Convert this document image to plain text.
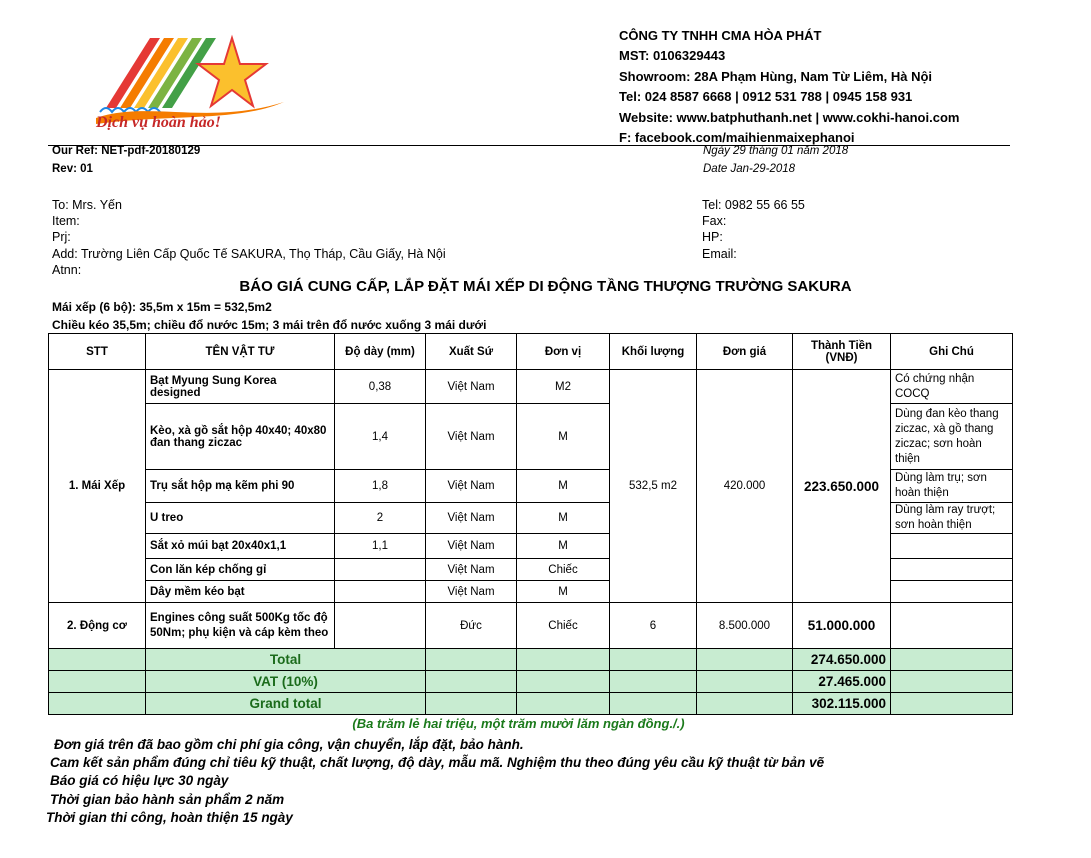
Dịch vụ hoàn hảo!
CÔNG TY TNHH CMA HÒA PHÁT
MST: 0106329443
Showroom: 28A Phạm Hùng, Nam Từ Liêm, Hà Nội
Tel: 024 8587 6668 | 0912 531 788 | 0945 158 931
Website: www.batphuthanh.net | www.cokhi-hanoi.com
F: facebook.com/maihienmaixephanoi
Our Ref: NET-pdf-20180129
Rev: 01
Ngày 29 tháng 01 năm 2018
Date Jan-29-2018
To: Mrs. Yến
Item:
Prj:
Add: Trường Liên Cấp Quốc Tế SAKURA, Thọ Tháp, Cầu Giấy, Hà Nội
Atnn:
Tel: 0982 55 66 55
Fax:
HP:
Email:
BÁO GIÁ CUNG CẤP, LẮP ĐẶT MÁI XẾP DI ĐỘNG TẦNG THƯỢNG TRƯỜNG SAKURA
Mái xếp (6 bộ): 35,5m x 15m = 532,5m2
Chiều kéo 35,5m; chiều đổ nước 15m; 3 mái trên đổ nước xuống 3 mái dưới
STT	TÊN VẬT TƯ	Độ dày (mm)	Xuất Sứ	Đơn vị	Khối lượng	Đơn giá	Thành Tiền (VNĐ)	Ghi Chú
1. Mái Xếp	Bạt Myung Sung Korea designed	0,38	Việt Nam	M2	532,5 m2	420.000	223.650.000	Có chứng nhận COCQ
	Kèo, xà gồ sắt hộp 40x40; 40x80 đan thang ziczac	1,4	Việt Nam	M				Dùng đan kèo thang ziczac, xà gồ thang ziczac; sơn hoàn thiện
	Trụ sắt hộp mạ kẽm phi 90	1,8	Việt Nam	M				Dùng làm trụ; sơn hoàn thiện
	U treo	2	Việt Nam	M				Dùng làm ray trượt; sơn hoàn thiện
	Sắt xỏ múi bạt 20x40x1,1	1,1	Việt Nam	M				
	Con lăn kép chống gỉ		Việt Nam	Chiếc				
	Dây mềm kéo bạt		Việt Nam	M				
2. Động cơ	Engines công suất 500Kg tốc độ 50Nm; phụ kiện và cáp kèm theo		Đức	Chiếc	6	8.500.000	51.000.000	
	Total						274.650.000	
	VAT (10%)						27.465.000	
	Grand total						302.115.000	
(Ba trăm lẻ hai triệu, một trăm mười lăm ngàn đồng./.)
Đơn giá trên đã bao gồm chi phí gia công, vận chuyển, lắp đặt, bảo hành.
Cam kết sản phẩm đúng chỉ tiêu kỹ thuật, chất lượng, độ dày, mẫu mã. Nghiệm thu theo đúng yêu cầu kỹ thuật từ bản vẽ
Báo giá có hiệu lực 30 ngày
Thời gian bảo hành sản phẩm 2 năm
Thời gian thi công, hoàn thiện 15 ngày
